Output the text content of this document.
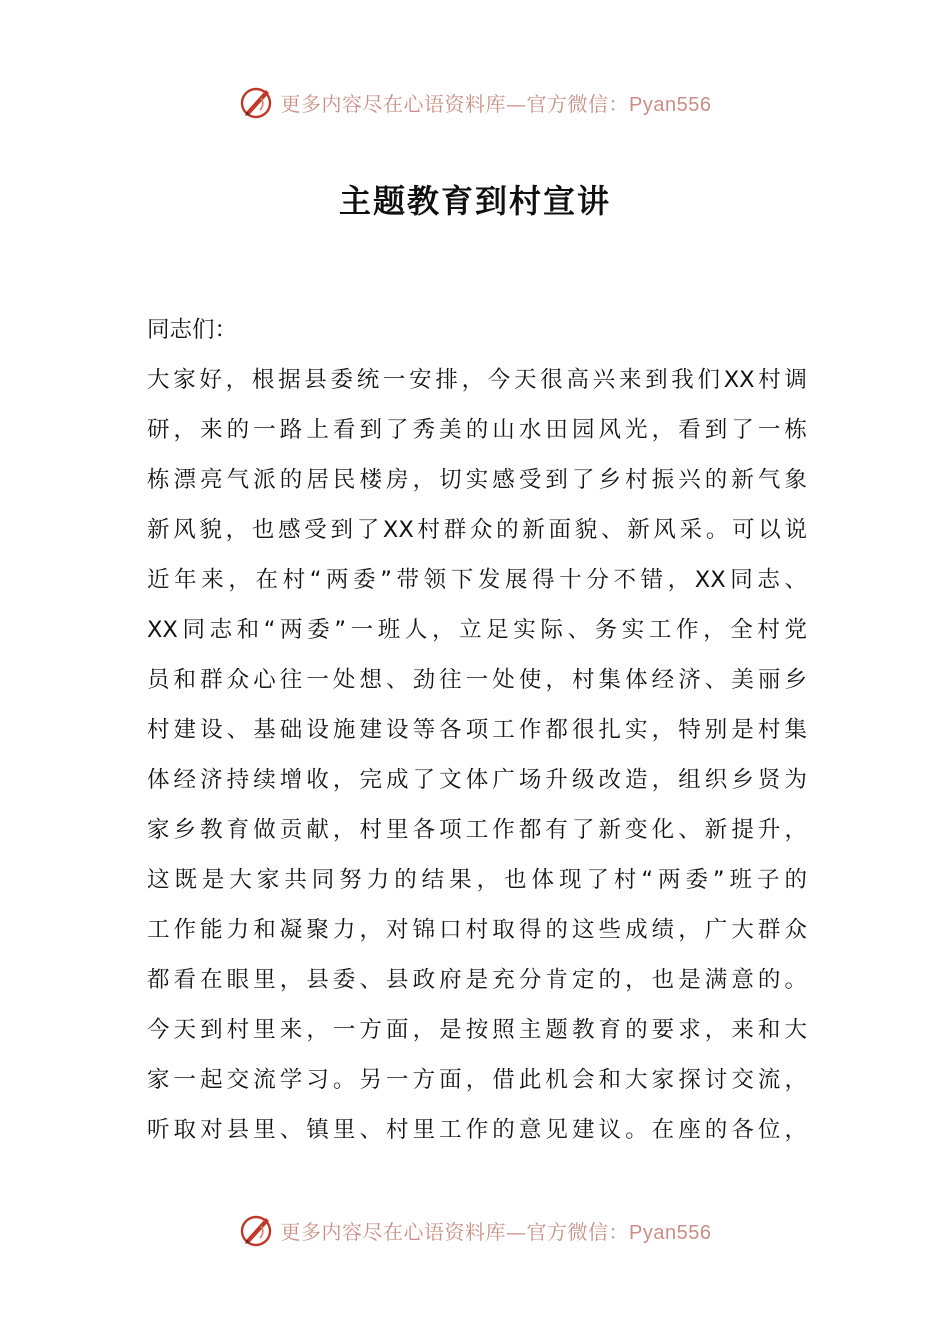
更多内容尽在心语资料库—官方微信：Pyan556
主题教育到村宣讲
同志们：
大家好，根据县委统一安排，今天很高兴来到我们XX村调
研，来的一路上看到了秀美的山水田园风光，看到了一栋
栋漂亮气派的居民楼房，切实感受到了乡村振兴的新气象
新风貌，也感受到了XX村群众的新面貌、新风采。可以说
近年来，在村“两委”带领下发展得十分不错，XX同志、
XX同志和“两委”一班人，立足实际、务实工作，全村党
员和群众心往一处想、劲往一处使，村集体经济、美丽乡
村建设、基础设施建设等各项工作都很扎实，特别是村集
体经济持续增收，完成了文体广场升级改造，组织乡贤为
家乡教育做贡献，村里各项工作都有了新变化、新提升，
这既是大家共同努力的结果，也体现了村“两委”班子的
工作能力和凝聚力，对锦口村取得的这些成绩，广大群众
都看在眼里，县委、县政府是充分肯定的，也是满意的。
今天到村里来，一方面，是按照主题教育的要求，来和大
家一起交流学习。另一方面，借此机会和大家探讨交流，
听取对县里、镇里、村里工作的意见建议。在座的各位，
更多内容尽在心语资料库—官方微信：Pyan556
